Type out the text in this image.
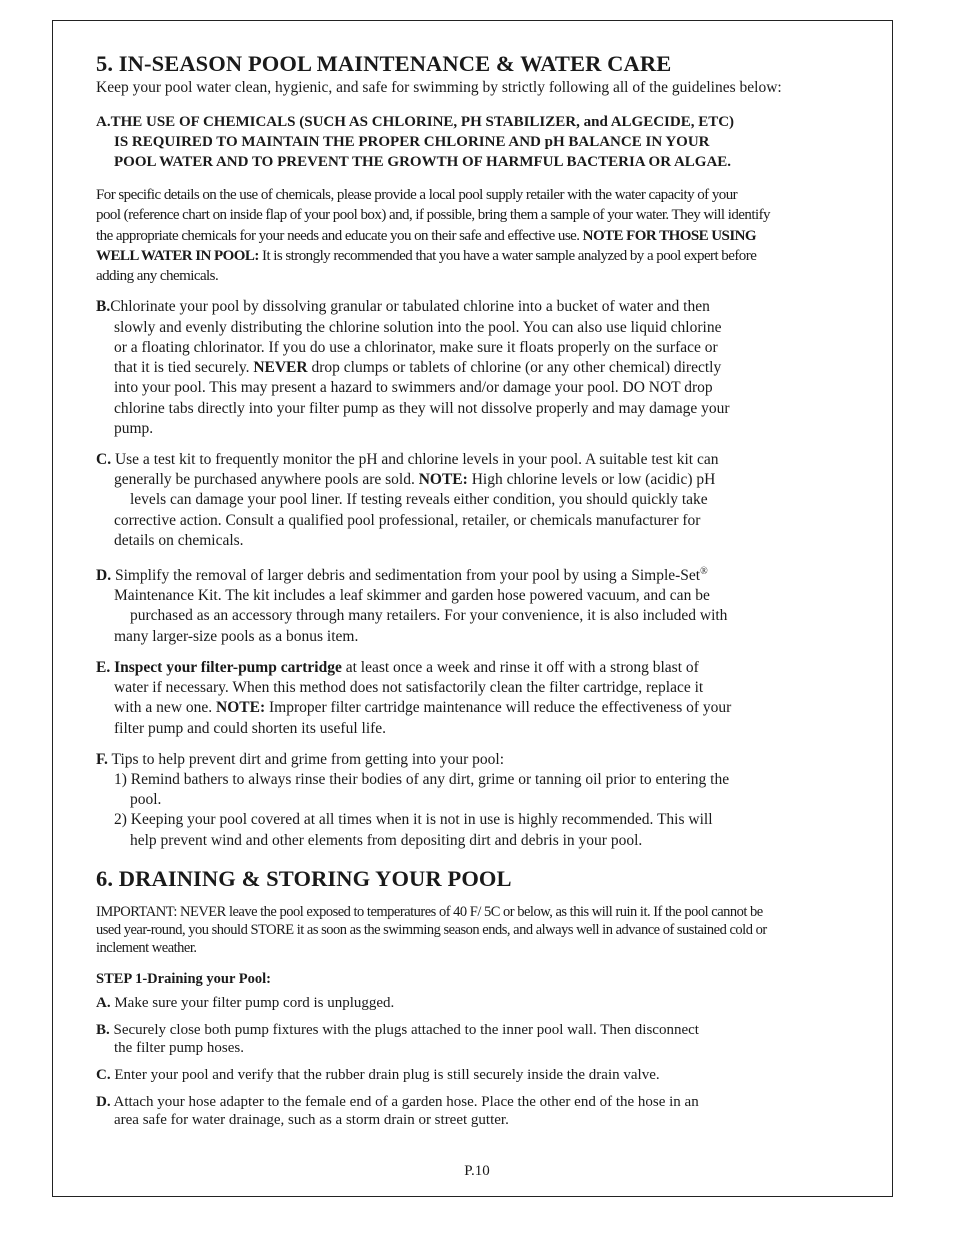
5. IN-SEASON POOL MAINTENANCE & WATER CARE

Keep your pool water clean, hygienic, and safe for swimming by strictly following all of the guidelines below:

A.THE USE OF CHEMICALS (SUCH AS CHLORINE, PH STABILIZER, and ALGECIDE, ETC)
IS REQUIRED TO MAINTAIN THE PROPER CHLORINE AND pH BALANCE IN YOUR
POOL WATER AND TO PREVENT THE GROWTH OF HARMFUL BACTERIA OR ALGAE.
For specific details on the use of chemicals, please provide a local pool supply retailer with the water capacity of your
pool (reference chart on inside flap of your pool box) and, if possible, bring them a sample of your water. They will identify
the appropriate chemicals for your needs and educate you on their safe and effective use. NOTE FOR THOSE USING
WELL WATER IN POOL: It is strongly recommended that you have a water sample analyzed by a pool expert before
adding any chemicals.
B.Chlorinate your pool by dissolving granular or tabulated chlorine into a bucket of water and then
slowly and evenly distributing the chlorine solution into the pool. You can also use liquid chlorine
or a floating chlorinator. If you do use a chlorinator, make sure it floats properly on the surface or
that it is tied securely. NEVER drop clumps or tablets of chlorine (or any other chemical) directly
into your pool. This may present a hazard to swimmers and/or damage your pool. DO NOT drop
chlorine tabs directly into your filter pump as they will not dissolve properly and may damage your
pump.
C. Use a test kit to frequently monitor the pH and chlorine levels in your pool. A suitable test kit can
generally be purchased anywhere pools are sold. NOTE: High chlorine levels or low (acidic) pH
levels can damage your pool liner. If testing reveals either condition, you should quickly take
corrective action. Consult a qualified pool professional, retailer, or chemicals manufacturer for
details on chemicals.
D. Simplify the removal of larger debris and sedimentation from your pool by using a Simple-Set®
Maintenance Kit. The kit includes a leaf skimmer and garden hose powered vacuum, and can be
purchased as an accessory through many retailers. For your convenience, it is also included with
many larger-size pools as a bonus item.
E. Inspect your filter-pump cartridge at least once a week and rinse it off with a strong blast of
water if necessary. When this method does not satisfactorily clean the filter cartridge, replace it
with a new one. NOTE: Improper filter cartridge maintenance will reduce the effectiveness of your
filter pump and could shorten its useful life.
F. Tips to help prevent dirt and grime from getting into your pool:
1) Remind bathers to always rinse their bodies of any dirt, grime or tanning oil prior to entering the
pool.
2) Keeping your pool covered at all times when it is not in use is highly recommended. This will
help prevent wind and other elements from depositing dirt and debris in your pool.
6. DRAINING & STORING YOUR POOL
IMPORTANT: NEVER leave the pool exposed to temperatures of 40 F/ 5C or below, as this will ruin it. If the pool cannot be
used year-round, you should STORE it as soon as the swimming season ends, and always well in advance of sustained cold or
inclement weather.
STEP 1-Draining your Pool:
A. Make sure your filter pump cord is unplugged.
B. Securely close both pump fixtures with the plugs attached to the inner pool wall. Then disconnect
the filter pump hoses.
C. Enter your pool and verify that the rubber drain plug is still securely inside the drain valve.
D. Attach your hose adapter to the female end of a garden hose. Place the other end of the hose in an
area safe for water drainage, such as a storm drain or street gutter.
P.10
